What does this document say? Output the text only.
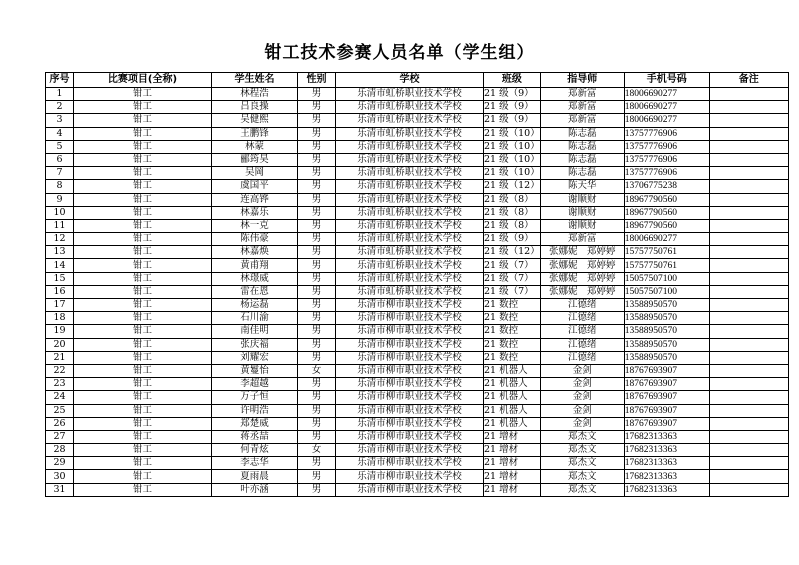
钳工技术参赛人员名单（学生组）
序号	比赛项目(全称)	学生姓名	性别	学校	班级	指导师	手机号码	备注
1	钳工	林程浩	男	乐清市虹桥职业技术学校	21 级（9）	郑新富	18006690277	
2	钳工	吕良操	男	乐清市虹桥职业技术学校	21 级（9）	郑新富	18006690277	
3	钳工	吴健熙	男	乐清市虹桥职业技术学校	21 级（9）	郑新富	18006690277	
4	钳工	王鹏锋	男	乐清市虹桥职业技术学校	21 级（10）	陈志磊	13757776906	
5	钳工	林蒙	男	乐清市虹桥职业技术学校	21 级（10）	陈志磊	13757776906	
6	钳工	郦筠昊	男	乐清市虹桥职业技术学校	21 级（10）	陈志磊	13757776906	
7	钳工	吴岡	男	乐清市虹桥职业技术学校	21 级（10）	陈志磊	13757776906	
8	钳工	虞国平	男	乐清市虹桥职业技术学校	21 级（12）	陈天华	13706775238	
9	钳工	连高铧	男	乐清市虹桥职业技术学校	21 级（8）	谢顺财	18967790560	
10	钳工	林嘉乐	男	乐清市虹桥职业技术学校	21 级（8）	谢顺财	18967790560	
11	钳工	林一克	男	乐清市虹桥职业技术学校	21 级（8）	谢顺财	18967790560	
12	钳工	陈伟豪	男	乐清市虹桥职业技术学校	21 级（9）	郑新富	18006690277	
13	钳工	林嘉焕	男	乐清市虹桥职业技术学校	21 级（12）	张娜妮　郑婷婷	15757750761	
14	钳工	黄甫翔	男	乐清市虹桥职业技术学校	21 级（7）	张娜妮　郑婷婷	15757750761	
15	钳工	林璟威	男	乐清市虹桥职业技术学校	21 级（7）	张娜妮　郑婷婷	15057507100	
16	钳工	雷在恩	男	乐清市虹桥职业技术学校	21 级（7）	张娜妮　郑婷婷	15057507100	
17	钳工	杨运磊	男	乐清市柳市职业技术学校	21 数控	江德绪	13588950570	
18	钳工	石川渝	男	乐清市柳市职业技术学校	21 数控	江德绪	13588950570	
19	钳工	南佳明	男	乐清市柳市职业技术学校	21 数控	江德绪	13588950570	
20	钳工	张庆福	男	乐清市柳市职业技术学校	21 数控	江德绪	13588950570	
21	钳工	刘耀宏	男	乐清市柳市职业技术学校	21 数控	江德绪	13588950570	
22	钳工	黄鬘怡	女	乐清市柳市职业技术学校	21 机器人	金剑	18767693907	
23	钳工	李超越	男	乐清市柳市职业技术学校	21 机器人	金剑	18767693907	
24	钳工	万子恒	男	乐清市柳市职业技术学校	21 机器人	金剑	18767693907	
25	钳工	许明浩	男	乐清市柳市职业技术学校	21 机器人	金剑	18767693907	
26	钳工	郑楚威	男	乐清市柳市职业技术学校	21 机器人	金剑	18767693907	
27	钳工	蒋丞喆	男	乐清市柳市职业技术学校	21 增材	郑杰文	17682313363	
28	钳工	何青炫	女	乐清市柳市职业技术学校	21 增材	郑杰文	17682313363	
29	钳工	李志华	男	乐清市柳市职业技术学校	21 增材	郑杰文	17682313363	
30	钳工	夏雨晨	男	乐清市柳市职业技术学校	21 增材	郑杰文	17682313363	
31	钳工	叶亦涵	男	乐清市柳市职业技术学校	21 增材	郑杰文	17682313363	
